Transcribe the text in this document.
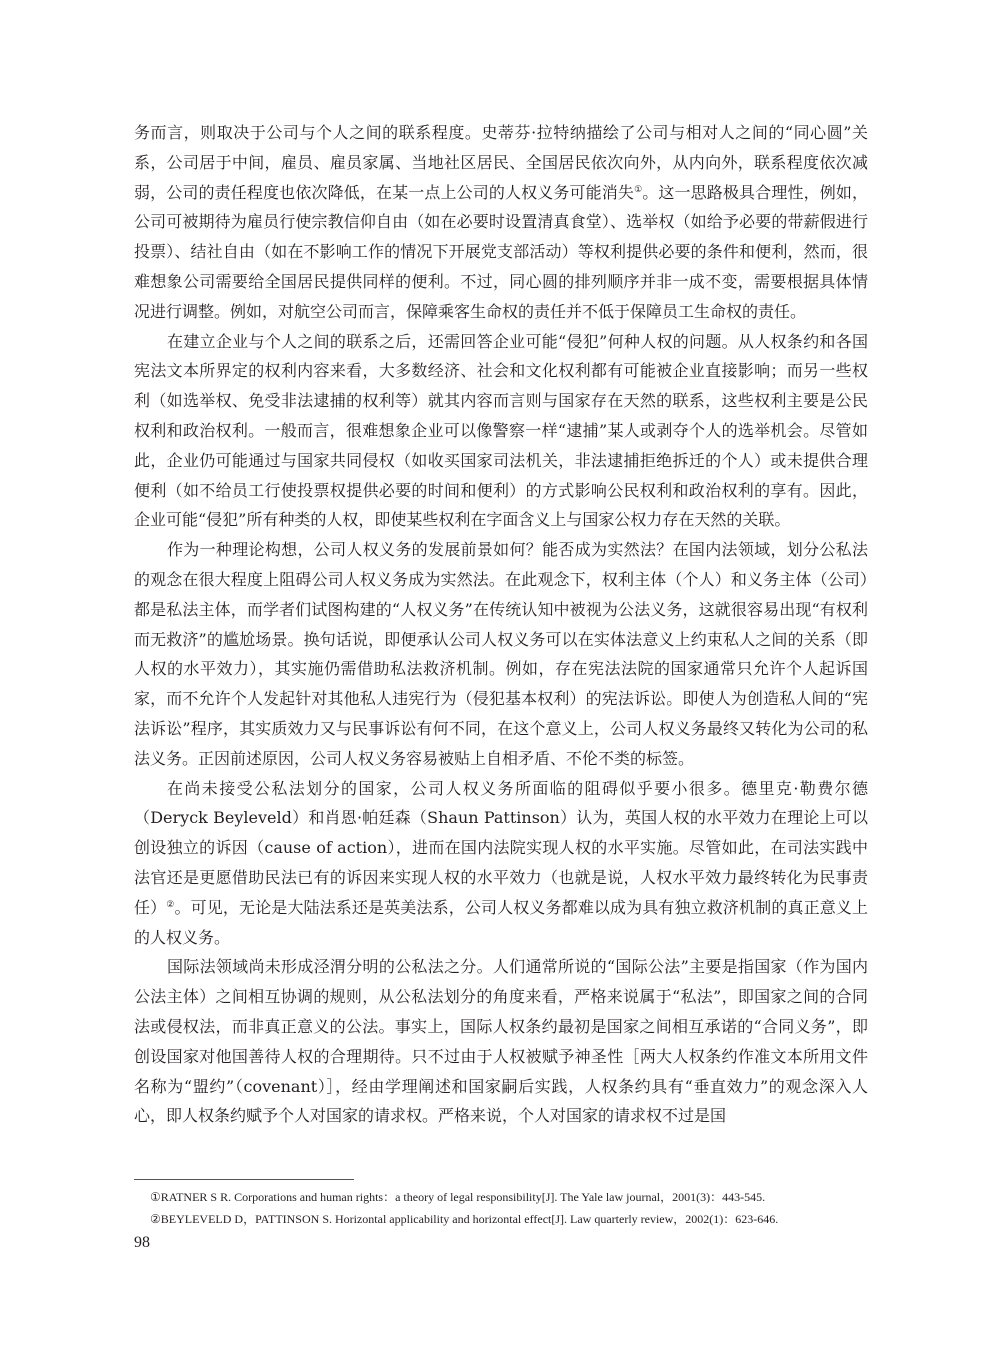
务而言，则取决于公司与个人之间的联系程度。史蒂芬·拉特纳描绘了公司与相对人之间的“同心圆”关系，公司居于中间，雇员、雇员家属、当地社区居民、全国居民依次向外，从内向外，联系程度依次减弱，公司的责任程度也依次降低，在某一点上公司的人权义务可能消失①。这一思路极具合理性，例如，公司可被期待为雇员行使宗教信仰自由（如在必要时设置清真食堂）、选举权（如给予必要的带薪假进行投票）、结社自由（如在不影响工作的情况下开展党支部活动）等权利提供必要的条件和便利，然而，很难想象公司需要给全国居民提供同样的便利。不过，同心圆的排列顺序并非一成不变，需要根据具体情况进行调整。例如，对航空公司而言，保障乘客生命权的责任并不低于保障员工生命权的责任。

在建立企业与个人之间的联系之后，还需回答企业可能“侵犯”何种人权的问题。从人权条约和各国宪法文本所界定的权利内容来看，大多数经济、社会和文化权利都有可能被企业直接影响；而另一些权利（如选举权、免受非法逮捕的权利等）就其内容而言则与国家存在天然的联系，这些权利主要是公民权利和政治权利。一般而言，很难想象企业可以像警察一样“逮捕”某人或剥夺个人的选举机会。尽管如此，企业仍可能通过与国家共同侵权（如收买国家司法机关，非法逮捕拒绝拆迁的个人）或未提供合理便利（如不给员工行使投票权提供必要的时间和便利）的方式影响公民权利和政治权利的享有。因此，企业可能“侵犯”所有种类的人权，即使某些权利在字面含义上与国家公权力存在天然的关联。

作为一种理论构想，公司人权义务的发展前景如何？能否成为实然法？在国内法领域，划分公私法的观念在很大程度上阻碍公司人权义务成为实然法。在此观念下，权利主体（个人）和义务主体（公司）都是私法主体，而学者们试图构建的“人权义务”在传统认知中被视为公法义务，这就很容易出现“有权利而无救济”的尴尬场景。换句话说，即便承认公司人权义务可以在实体法意义上约束私人之间的关系（即人权的水平效力），其实施仍需借助私法救济机制。例如，存在宪法法院的国家通常只允许个人起诉国家，而不允许个人发起针对其他私人违宪行为（侵犯基本权利）的宪法诉讼。即使人为创造私人间的“宪法诉讼”程序，其实质效力又与民事诉讼有何不同，在这个意义上，公司人权义务最终又转化为公司的私法义务。正因前述原因，公司人权义务容易被贴上自相矛盾、不伦不类的标签。

在尚未接受公私法划分的国家，公司人权义务所面临的阻碍似乎要小很多。德里克·勒费尔德（Deryck Beyleveld）和肖恩·帕廷森（Shaun Pattinson）认为，英国人权的水平效力在理论上可以创设独立的诉因（cause of action），进而在国内法院实现人权的水平实施。尽管如此，在司法实践中法官还是更愿借助民法已有的诉因来实现人权的水平效力（也就是说，人权水平效力最终转化为民事责任）②。可见，无论是大陆法系还是英美法系，公司人权义务都难以成为具有独立救济机制的真正意义上的人权义务。

国际法领域尚未形成泾渭分明的公私法之分。人们通常所说的“国际公法”主要是指国家（作为国内公法主体）之间相互协调的规则，从公私法划分的角度来看，严格来说属于“私法”，即国家之间的合同法或侵权法，而非真正意义的公法。事实上，国际人权条约最初是国家之间相互承诺的“合同义务”，即创设国家对他国善待人权的合理期待。只不过由于人权被赋予神圣性［两大人权条约作准文本所用文件名称为“盟约”（covenant）］，经由学理阐述和国家嗣后实践，人权条约具有“垂直效力”的观念深入人心，即人权条约赋予个人对国家的请求权。严格来说，个人对国家的请求权不过是国

①RATNER S R. Corporations and human rights：a theory of legal responsibility[J]. The Yale law journal，2001(3)：443-545.
②BEYLEVELD D，PATTINSON S. Horizontal applicability and horizontal effect[J]. Law quarterly review，2002(1)：623-646.
98
